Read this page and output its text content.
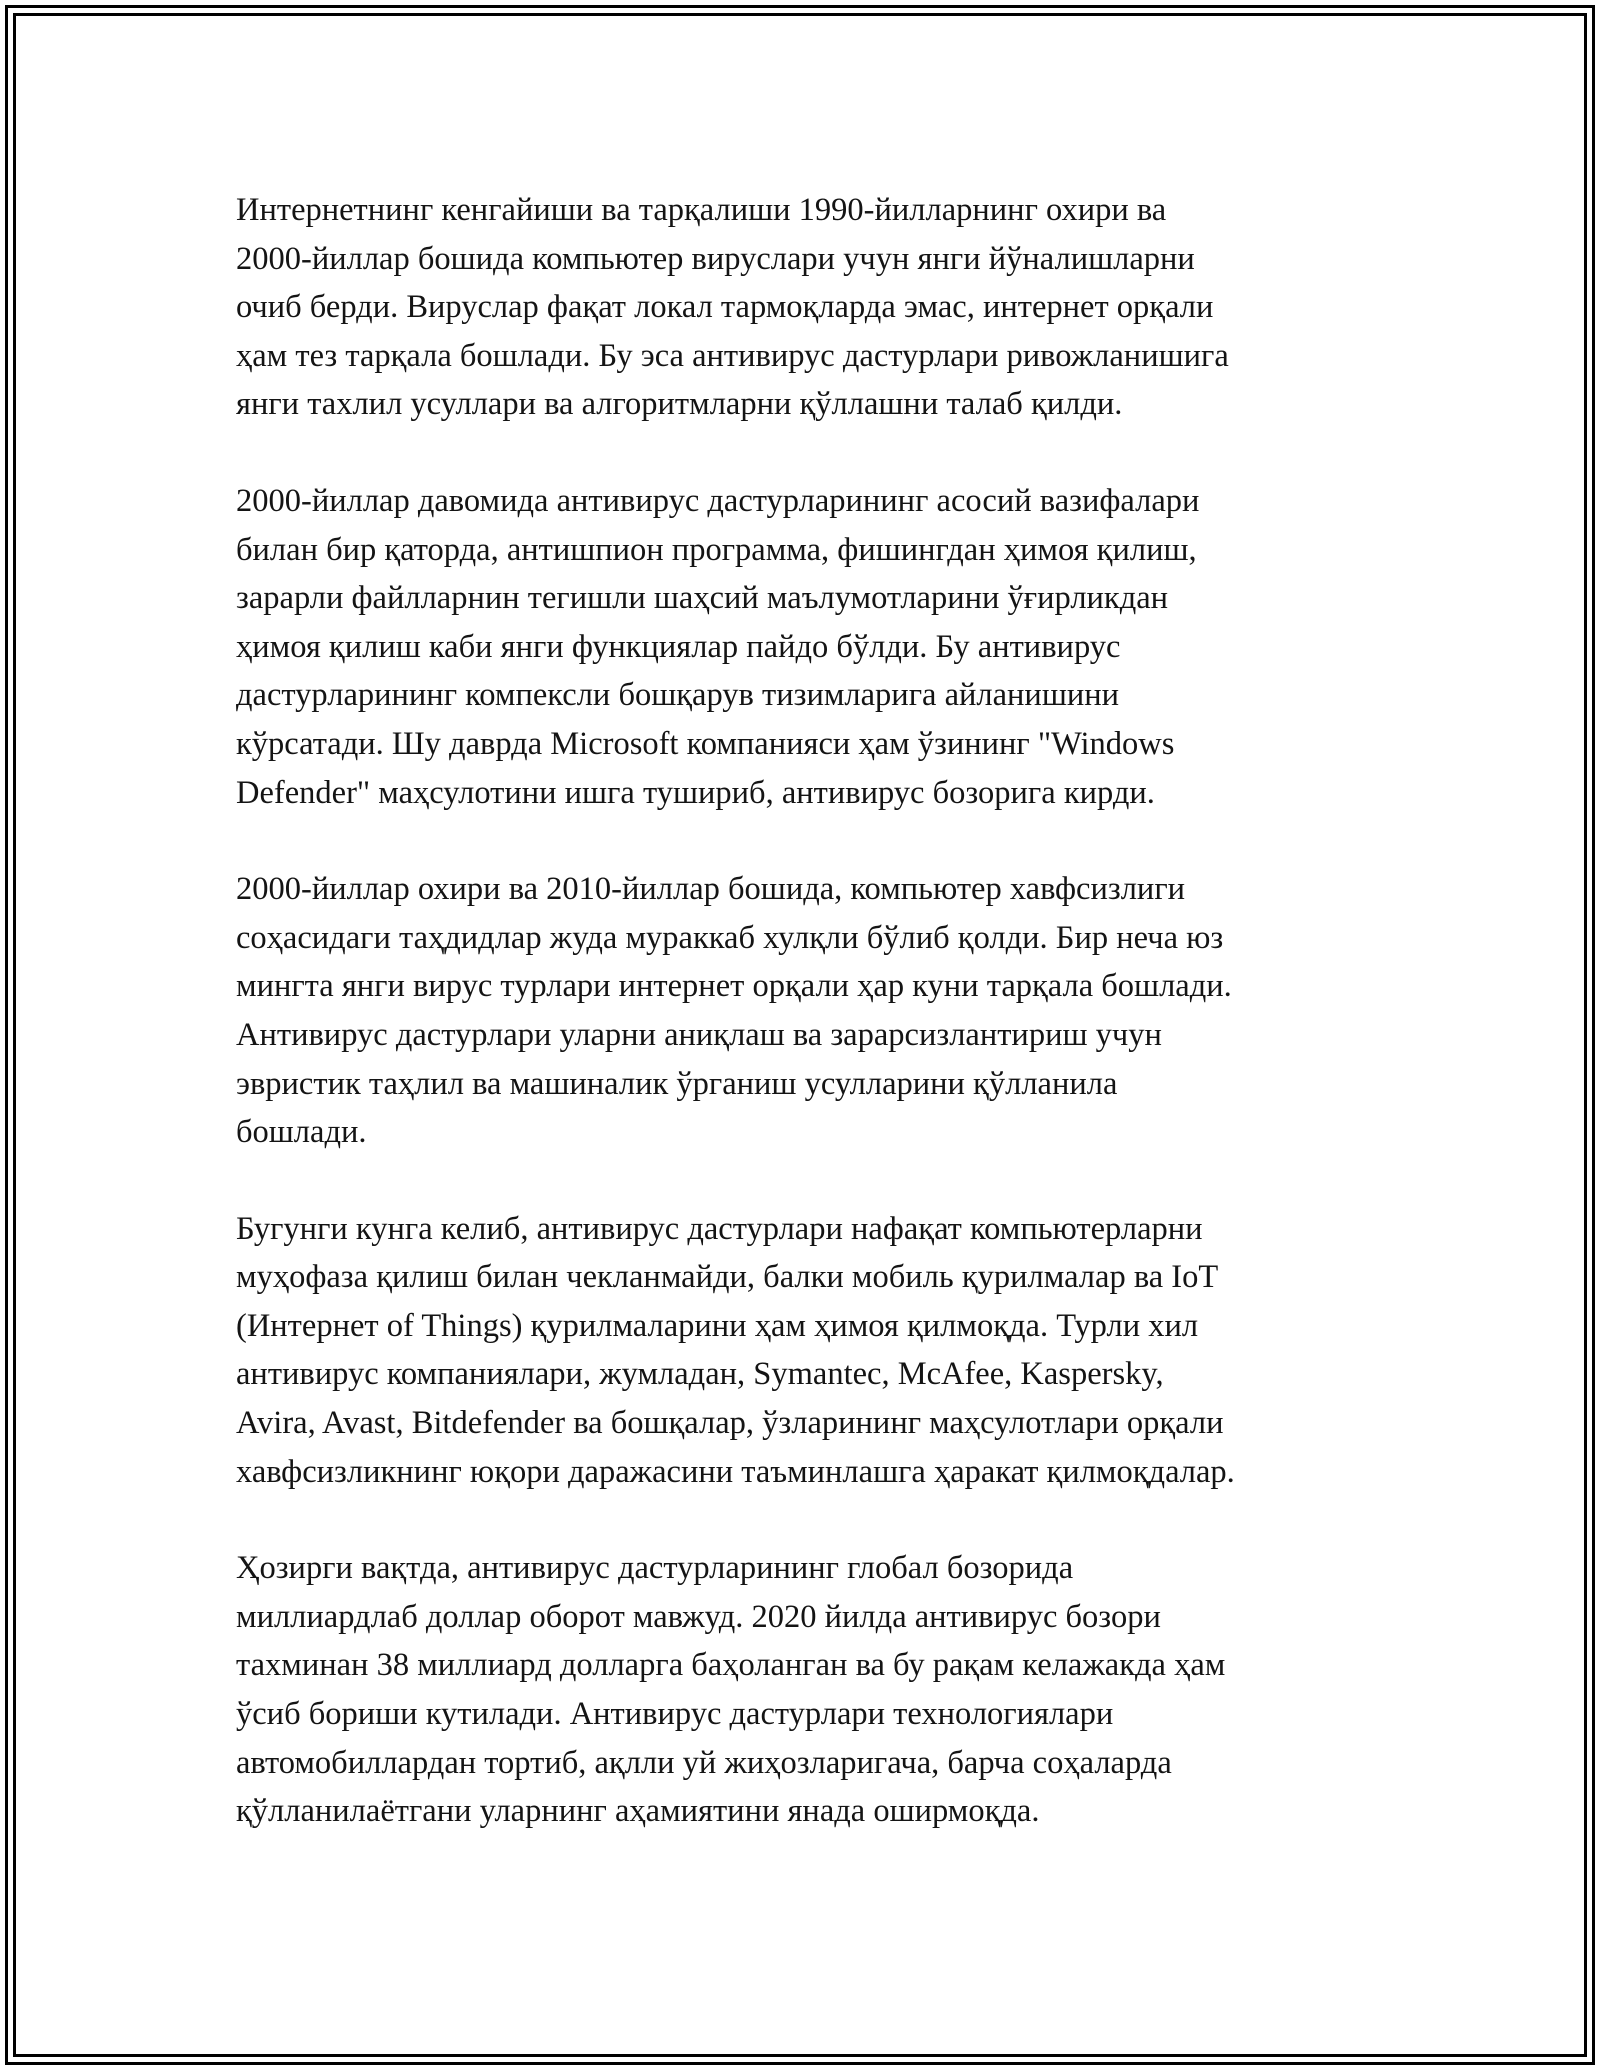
Интернетнинг кенгайиши ва тарқалиши 1990-йилларнинг охири ва
2000-йиллар бошида компьютер вируслари учун янги йўналишларни
очиб берди. Вируслар фақат локал тармоқларда эмас, интернет орқали
ҳам тез тарқала бошлади. Бу эса антивирус дастурлари ривожланишига
янги тахлил усуллари ва алгоритмларни қўллашни талаб қилди.

2000-йиллар давомида антивирус дастурларининг асосий вазифалари
билан бир қаторда, антишпион программа, фишингдан ҳимоя қилиш,
зарарли файлларнин тегишли шаҳсий маълумотларини ўғирликдан
ҳимоя қилиш каби янги функциялар пайдо бўлди. Бу антивирус
дастурларининг компексли бошқарув тизимларига айланишини
кўрсатади. Шу даврда Microsoft компанияси ҳам ўзининг "Windows
Defender" маҳсулотини ишга тушириб, антивирус бозорига кирди.

2000-йиллар охири ва 2010-йиллар бошида, компьютер хавфсизлиги
соҳасидаги таҳдидлар жуда мураккаб хулқли бўлиб қолди. Бир неча юз
мингта янги вирус турлари интернет орқали ҳар куни тарқала бошлади.
Антивирус дастурлари уларни аниқлаш ва зарарсизлантириш учун
эвристик таҳлил ва машиналик ўрганиш усулларини қўлланила
бошлади.

Бугунги кунга келиб, антивирус дастурлари нафақат компьютерларни
муҳофаза қилиш билан чекланмайди, балки мобиль қурилмалар ва IoT
(Интернет of Things) қурилмаларини ҳам ҳимоя қилмоқда. Турли хил
антивирус компаниялари, жумладан, Symantec, McAfee, Kaspersky,
Avira, Avast, Bitdefender ва бошқалар, ўзларининг маҳсулотлари орқали
хавфсизликнинг юқори даражасини таъминлашга ҳаракат қилмоқдалар.

Ҳозирги вақтда, антивирус дастурларининг глобал бозорида
миллиардлаб доллар оборот мавжуд. 2020 йилда антивирус бозори
тахминан 38 миллиард долларга баҳоланган ва бу рақам келажакда ҳам
ўсиб бориши кутилади. Антивирус дастурлари технологиялари
автомобиллардан тортиб, ақлли уй жиҳозларигача, барча соҳаларда
қўлланилаётгани уларнинг аҳамиятини янада оширмоқда.
